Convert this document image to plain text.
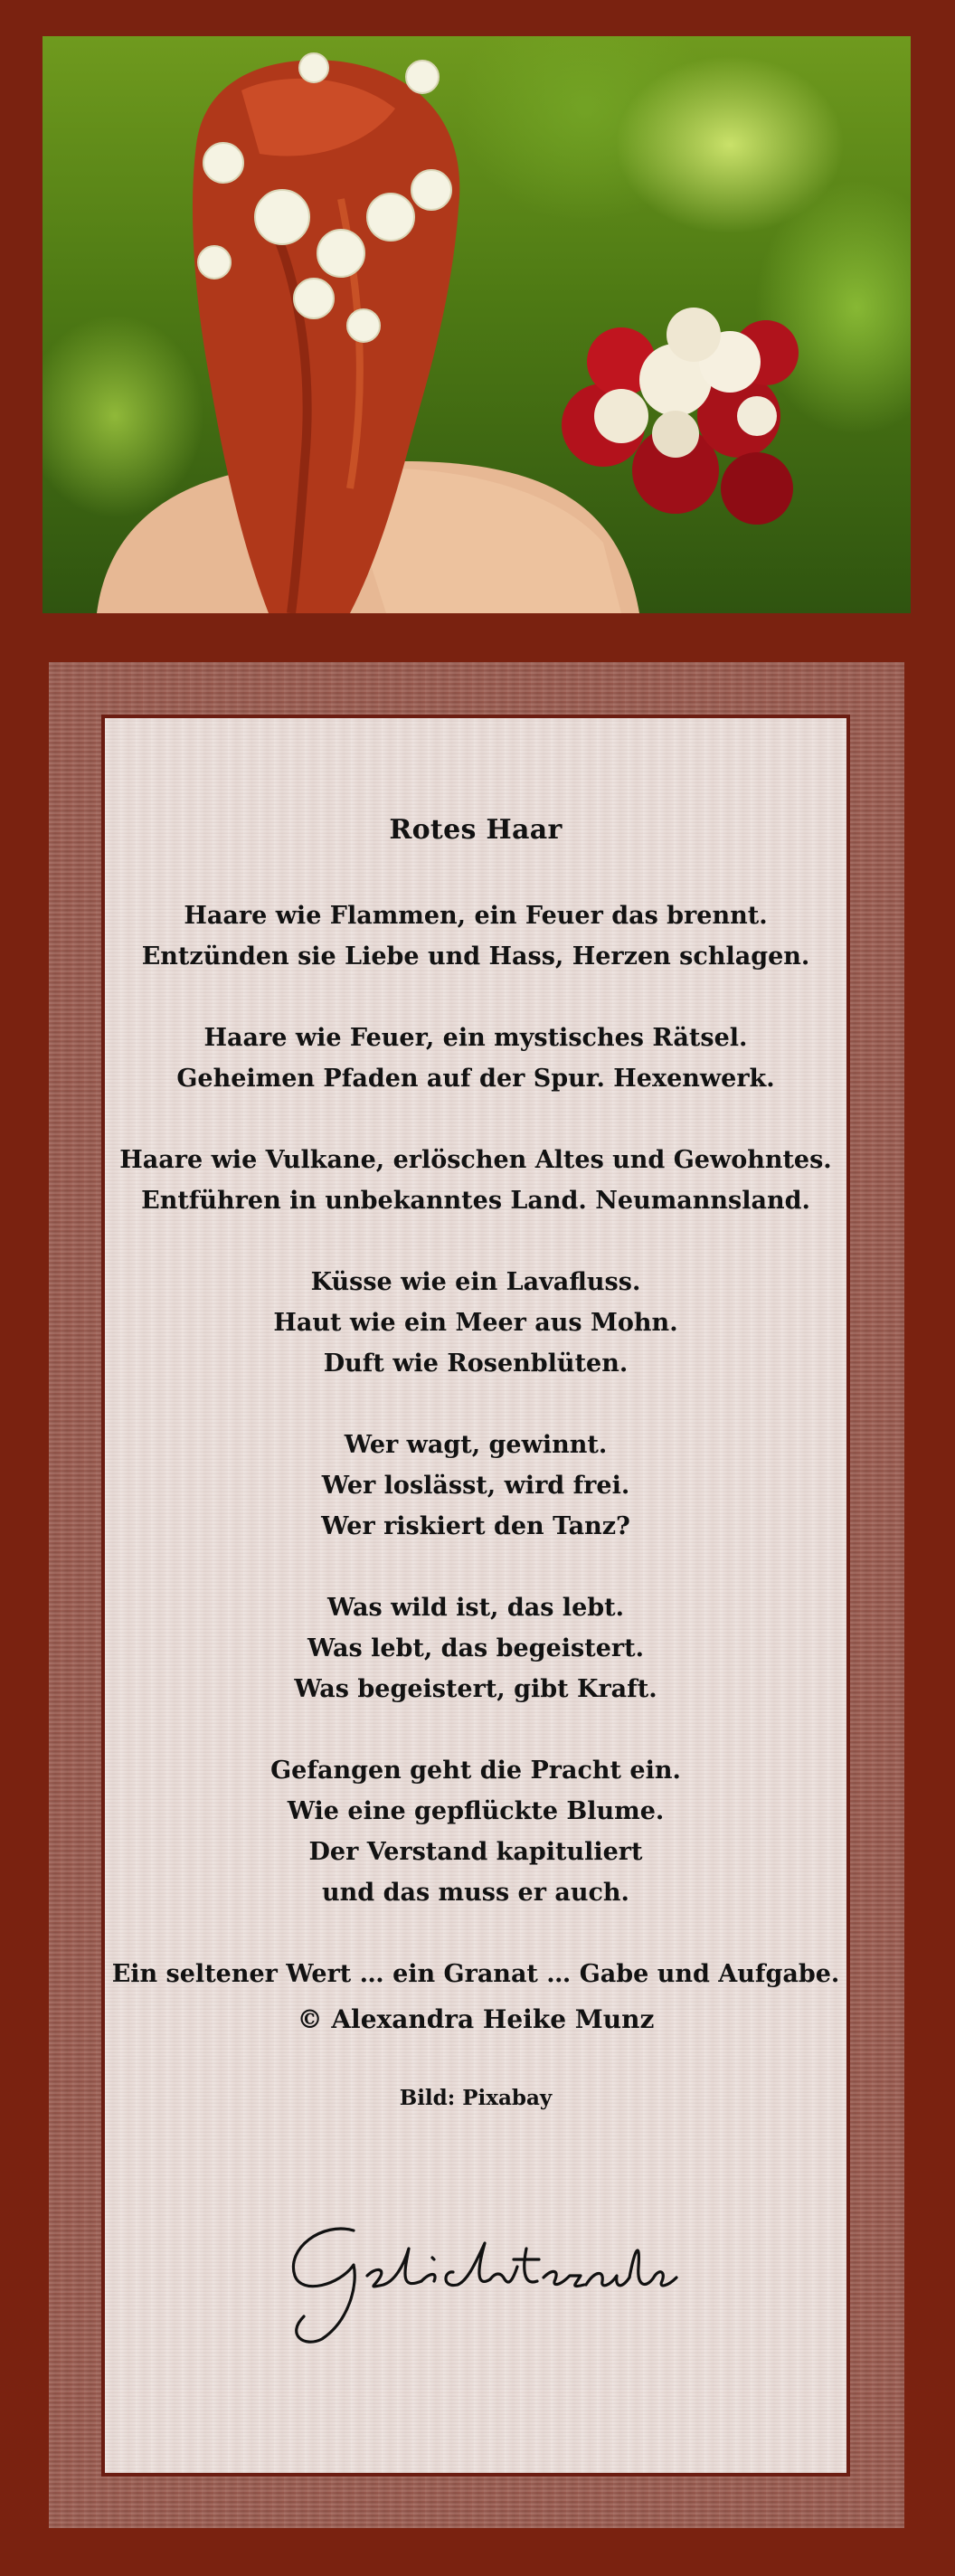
Rotes Haar
Haare wie Flammen, ein Feuer das brennt.
Entzünden sie Liebe und Hass, Herzen schlagen.
Haare wie Feuer, ein mystisches Rätsel.
Geheimen Pfaden auf der Spur. Hexenwerk.
Haare wie Vulkane, erlöschen Altes und Gewohntes.
Entführen in unbekanntes Land. Neumannsland.
Küsse wie ein Lavafluss.
Haut wie ein Meer aus Mohn.
Duft wie Rosenblüten.
Wer wagt, gewinnt.
Wer loslässt, wird frei.
Wer riskiert den Tanz?
Was wild ist, das lebt.
Was lebt, das begeistert.
Was begeistert, gibt Kraft.
Gefangen geht die Pracht ein.
Wie eine gepflückte Blume.
Der Verstand kapituliert
und das muss er auch.
Ein seltener Wert … ein Granat … Gabe und Aufgabe.
© Alexandra Heike Munz
Bild: Pixabay
